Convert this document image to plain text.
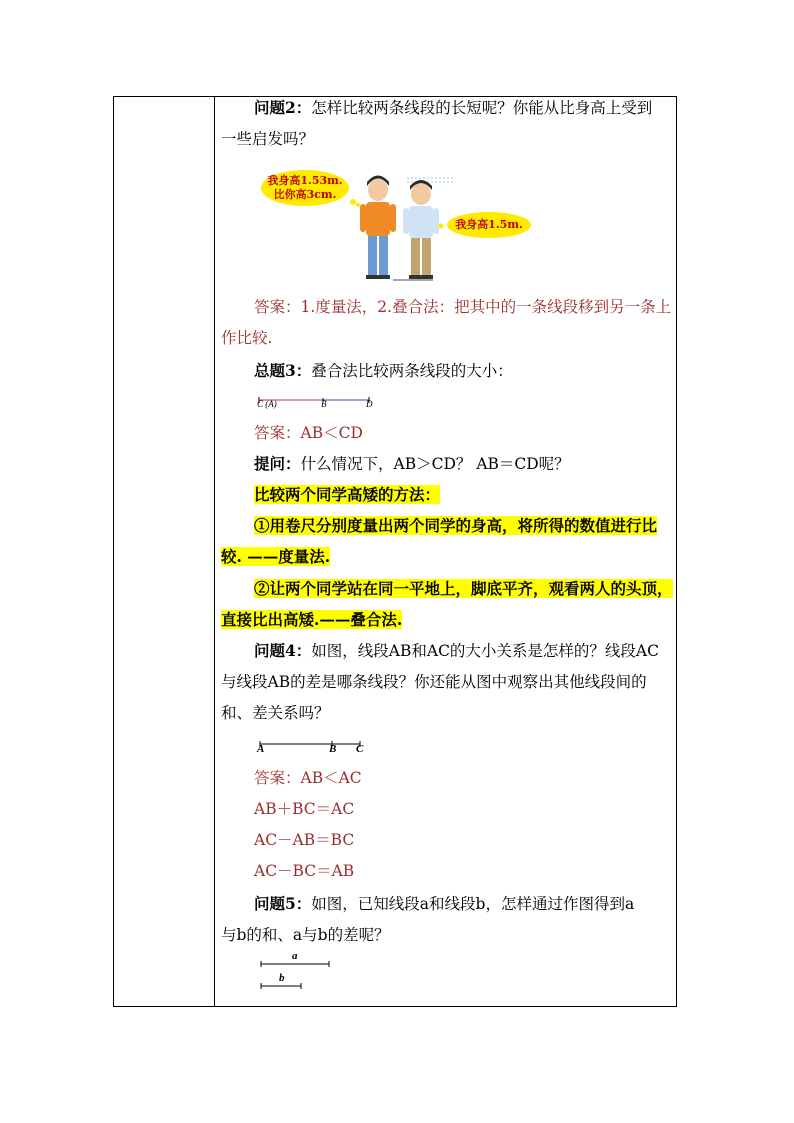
问题2：怎样比较两条线段的长短呢？你能从比身高上受到
一些启发吗？
我身高1.53m.
比你高3cm.
我身高1.5m.
答案：1.度量法，2.叠合法：把其中的一条线段移到另一条上
作比较.
总题3：叠合法比较两条线段的大小：
C (A)	B	D
答案：AB＜CD
提问：什么情况下，AB＞CD？ AB＝CD呢？
比较两个同学高矮的方法：
①用卷尺分别度量出两个同学的身高，将所得的数值进行比
较. ——度量法.
②让两个同学站在同一平地上，脚底平齐，观看两人的头顶，
直接比出高矮.——叠合法.
问题4：如图，线段AB和AC的大小关系是怎样的？线段AC
与线段AB的差是哪条线段？你还能从图中观察出其他线段间的
和、差关系吗？
A	B C
答案：AB＜AC
AB＋BC＝AC
AC－AB＝BC
AC－BC＝AB
问题5：如图，已知线段a和线段b，怎样通过作图得到a
与b的和、a与b的差呢？
a
b
